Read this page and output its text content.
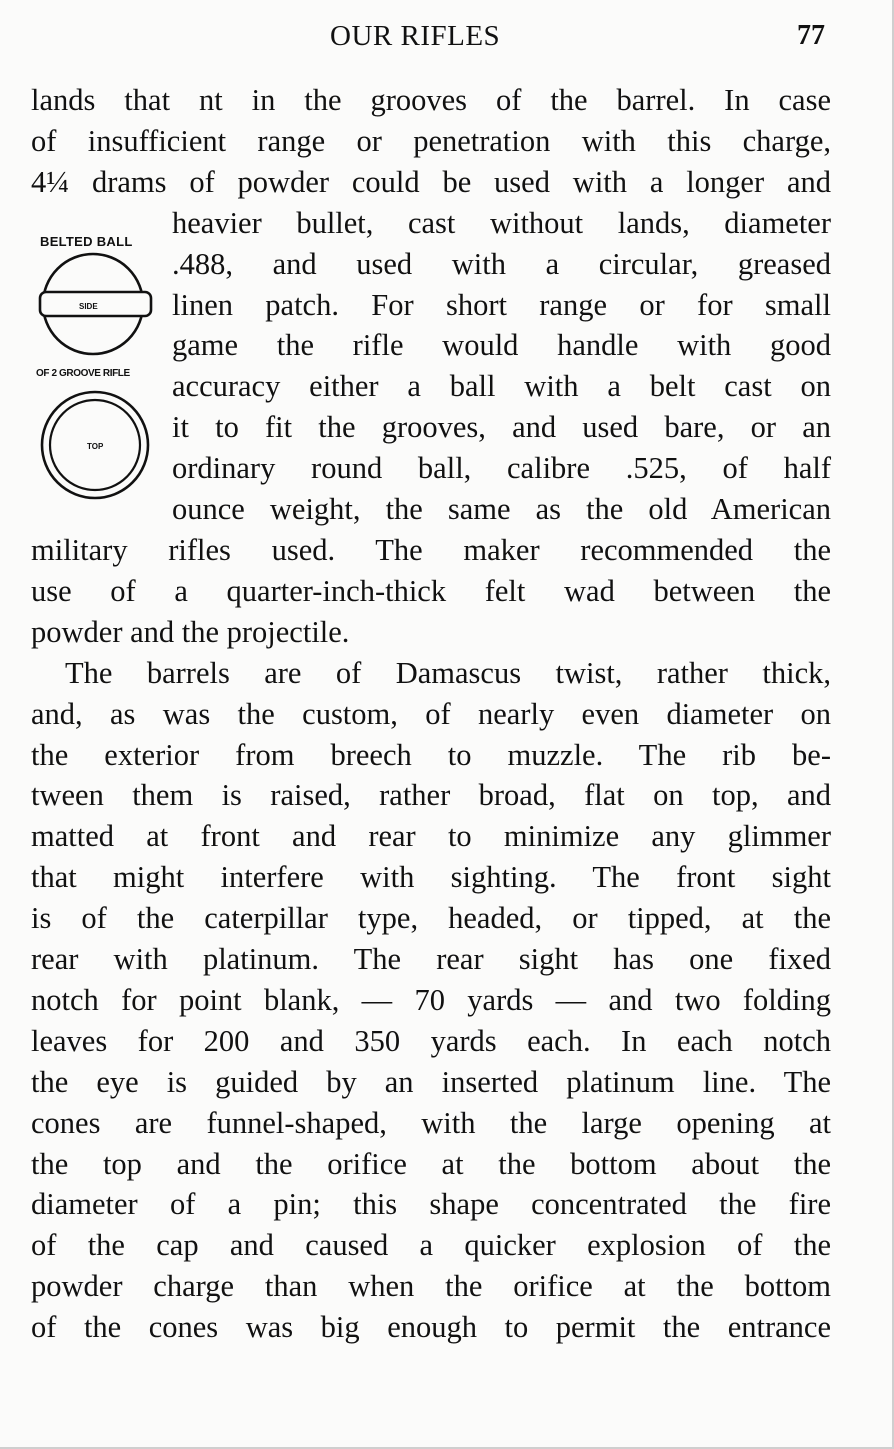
OUR RIFLES	77
BELTED BALL
SIDE
OF 2 GROOVE RIFLE
TOP
lands that nt in the grooves of the barrel. In case
of insufficient range or penetration with this charge,
4¼ drams of powder could be used with a longer and
heavier bullet, cast without lands, diameter
.488, and used with a circular, greased
linen patch. For short range or for small
game the rifle would handle with good
accuracy either a ball with a belt cast on
it to fit the grooves, and used bare, or an
ordinary round ball, calibre .525, of half
ounce weight, the same as the old American
military rifles used. The maker recommended the
use of a quarter-inch-thick felt wad between the
powder and the projectile.
The barrels are of Damascus twist, rather thick,
and, as was the custom, of nearly even diameter on
the exterior from breech to muzzle. The rib be-
tween them is raised, rather broad, flat on top, and
matted at front and rear to minimize any glimmer
that might interfere with sighting. The front sight
is of the caterpillar type, headed, or tipped, at the
rear with platinum. The rear sight has one fixed
notch for point blank, — 70 yards — and two folding
leaves for 200 and 350 yards each. In each notch
the eye is guided by an inserted platinum line. The
cones are funnel-shaped, with the large opening at
the top and the orifice at the bottom about the
diameter of a pin; this shape concentrated the fire
of the cap and caused a quicker explosion of the
powder charge than when the orifice at the bottom
of the cones was big enough to permit the entrance
